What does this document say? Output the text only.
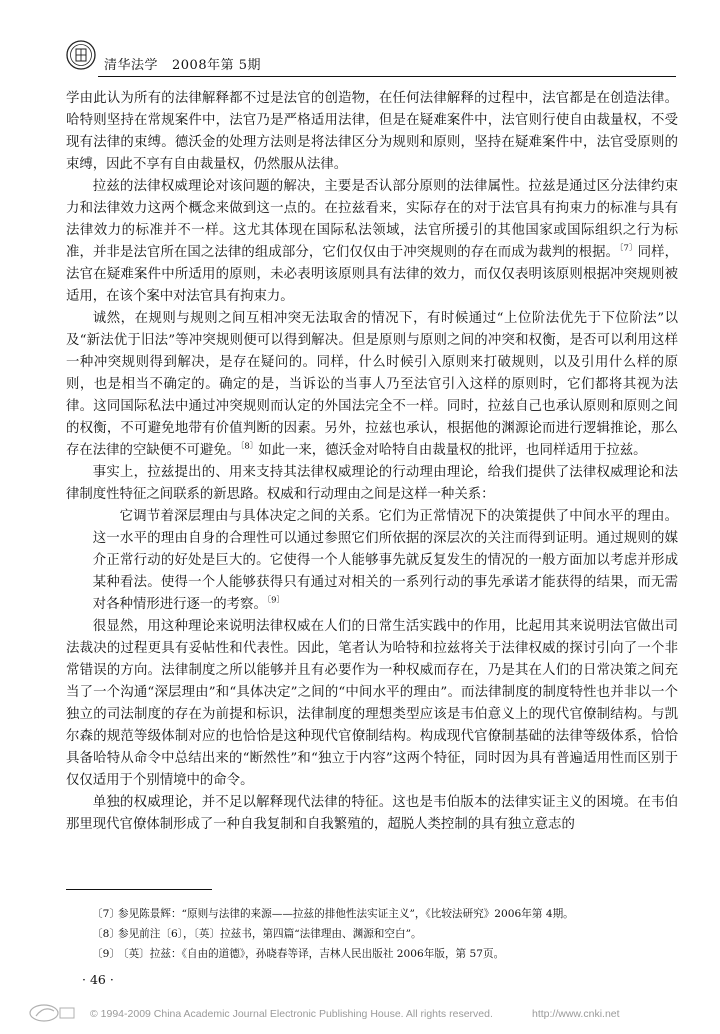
清华法学 2008年第 5期

学由此认为所有的法律解释都不过是法官的创造物，在任何法律解释的过程中，法官都是在创造法律。哈特则坚持在常规案件中，法官乃是严格适用法律，但是在疑难案件中，法官则行使自由裁量权，不受现有法律的束缚。德沃金的处理方法则是将法律区分为规则和原则，坚持在疑难案件中，法官受原则的束缚，因此不享有自由裁量权，仍然服从法律。

拉兹的法律权威理论对该问题的解决，主要是否认部分原则的法律属性。拉兹是通过区分法律约束力和法律效力这两个概念来做到这一点的。在拉兹看来，实际存在的对于法官具有拘束力的标准与具有法律效力的标准并不一样。这尤其体现在国际私法领域，法官所援引的其他国家或国际组织之行为标准，并非是法官所在国之法律的组成部分，它们仅仅由于冲突规则的存在而成为裁判的根据。$^{〔7〕}$同样，法官在疑难案件中所适用的原则，未必表明该原则具有法律的效力，而仅仅表明该原则根据冲突规则被适用，在该个案中对法官具有拘束力。

诚然，在规则与规则之间互相冲突无法取舍的情况下，有时候通过“上位阶法优先于下位阶法”以及“新法优于旧法”等冲突规则便可以得到解决。但是原则与原则之间的冲突和权衡，是否可以利用这样一种冲突规则得到解决，是存在疑问的。同样，什么时候引入原则来打破规则，以及引用什么样的原则，也是相当不确定的。确定的是，当诉讼的当事人乃至法官引入这样的原则时，它们都将其视为法律。这同国际私法中通过冲突规则而认定的外国法完全不一样。同时，拉兹自己也承认原则和原则之间的权衡，不可避免地带有价值判断的因素。另外，拉兹也承认，根据他的渊源论而进行逻辑推论，那么存在法律的空缺便不可避免。$^{〔8〕}$如此一来，德沃金对哈特自由裁量权的批评，也同样适用于拉兹。

事实上，拉兹提出的、用来支持其法律权威理论的行动理由理论，给我们提供了法律权威理论和法律制度性特征之间联系的新思路。权威和行动理由之间是这样一种关系：

它调节着深层理由与具体决定之间的关系。它们为正常情况下的决策提供了中间水平的理由。这一水平的理由自身的合理性可以通过参照它们所依据的深层次的关注而得到证明。通过规则的媒介正常行动的好处是巨大的。它使得一个人能够事先就反复发生的情况的一般方面加以考虑并形成某种看法。使得一个人能够获得只有通过对相关的一系列行动的事先承诺才能获得的结果，而无需对各种情形进行逐一的考察。$^{〔9〕}$

很显然，用这种理论来说明法律权威在人们的日常生活实践中的作用，比起用其来说明法官做出司法裁决的过程更具有妥帖性和代表性。因此，笔者认为哈特和拉兹将关于法律权威的探讨引向了一个非常错误的方向。法律制度之所以能够并且有必要作为一种权威而存在，乃是其在人们的日常决策之间充当了一个沟通“深层理由”和“具体决定”之间的“中间水平的理由”。而法律制度的制度特性也并非以一个独立的司法制度的存在为前提和标识，法律制度的理想类型应该是韦伯意义上的现代官僚制结构。与凯尔森的规范等级体制对应的也恰恰是这种现代官僚制结构。构成现代官僚制基础的法律等级体系，恰恰具备哈特从命令中总结出来的“断然性”和“独立于内容”这两个特征，同时因为具有普遍适用性而区别于仅仅适用于个别情境中的命令。

单独的权威理论，并不足以解释现代法律的特征。这也是韦伯版本的法律实证主义的困境。在韦伯那里现代官僚体制形成了一种自我复制和自我繁殖的，超脱人类控制的具有独立意志的

〔7〕参见陈景辉：“原则与法律的来源——拉兹的排他性法实证主义”，《比较法研究》2006年第 4期。
〔8〕参见前注〔6〕，〔英〕拉兹书，第四篇“法律理由、渊源和空白”。
〔9〕〔英〕拉兹：《自由的道德》，孙晓春等译，吉林人民出版社 2006年版，第 57页。
· 46 ·
© 1994-2009 China Academic Journal Electronic Publishing House. All rights reserved.	http://www.cnki.net
